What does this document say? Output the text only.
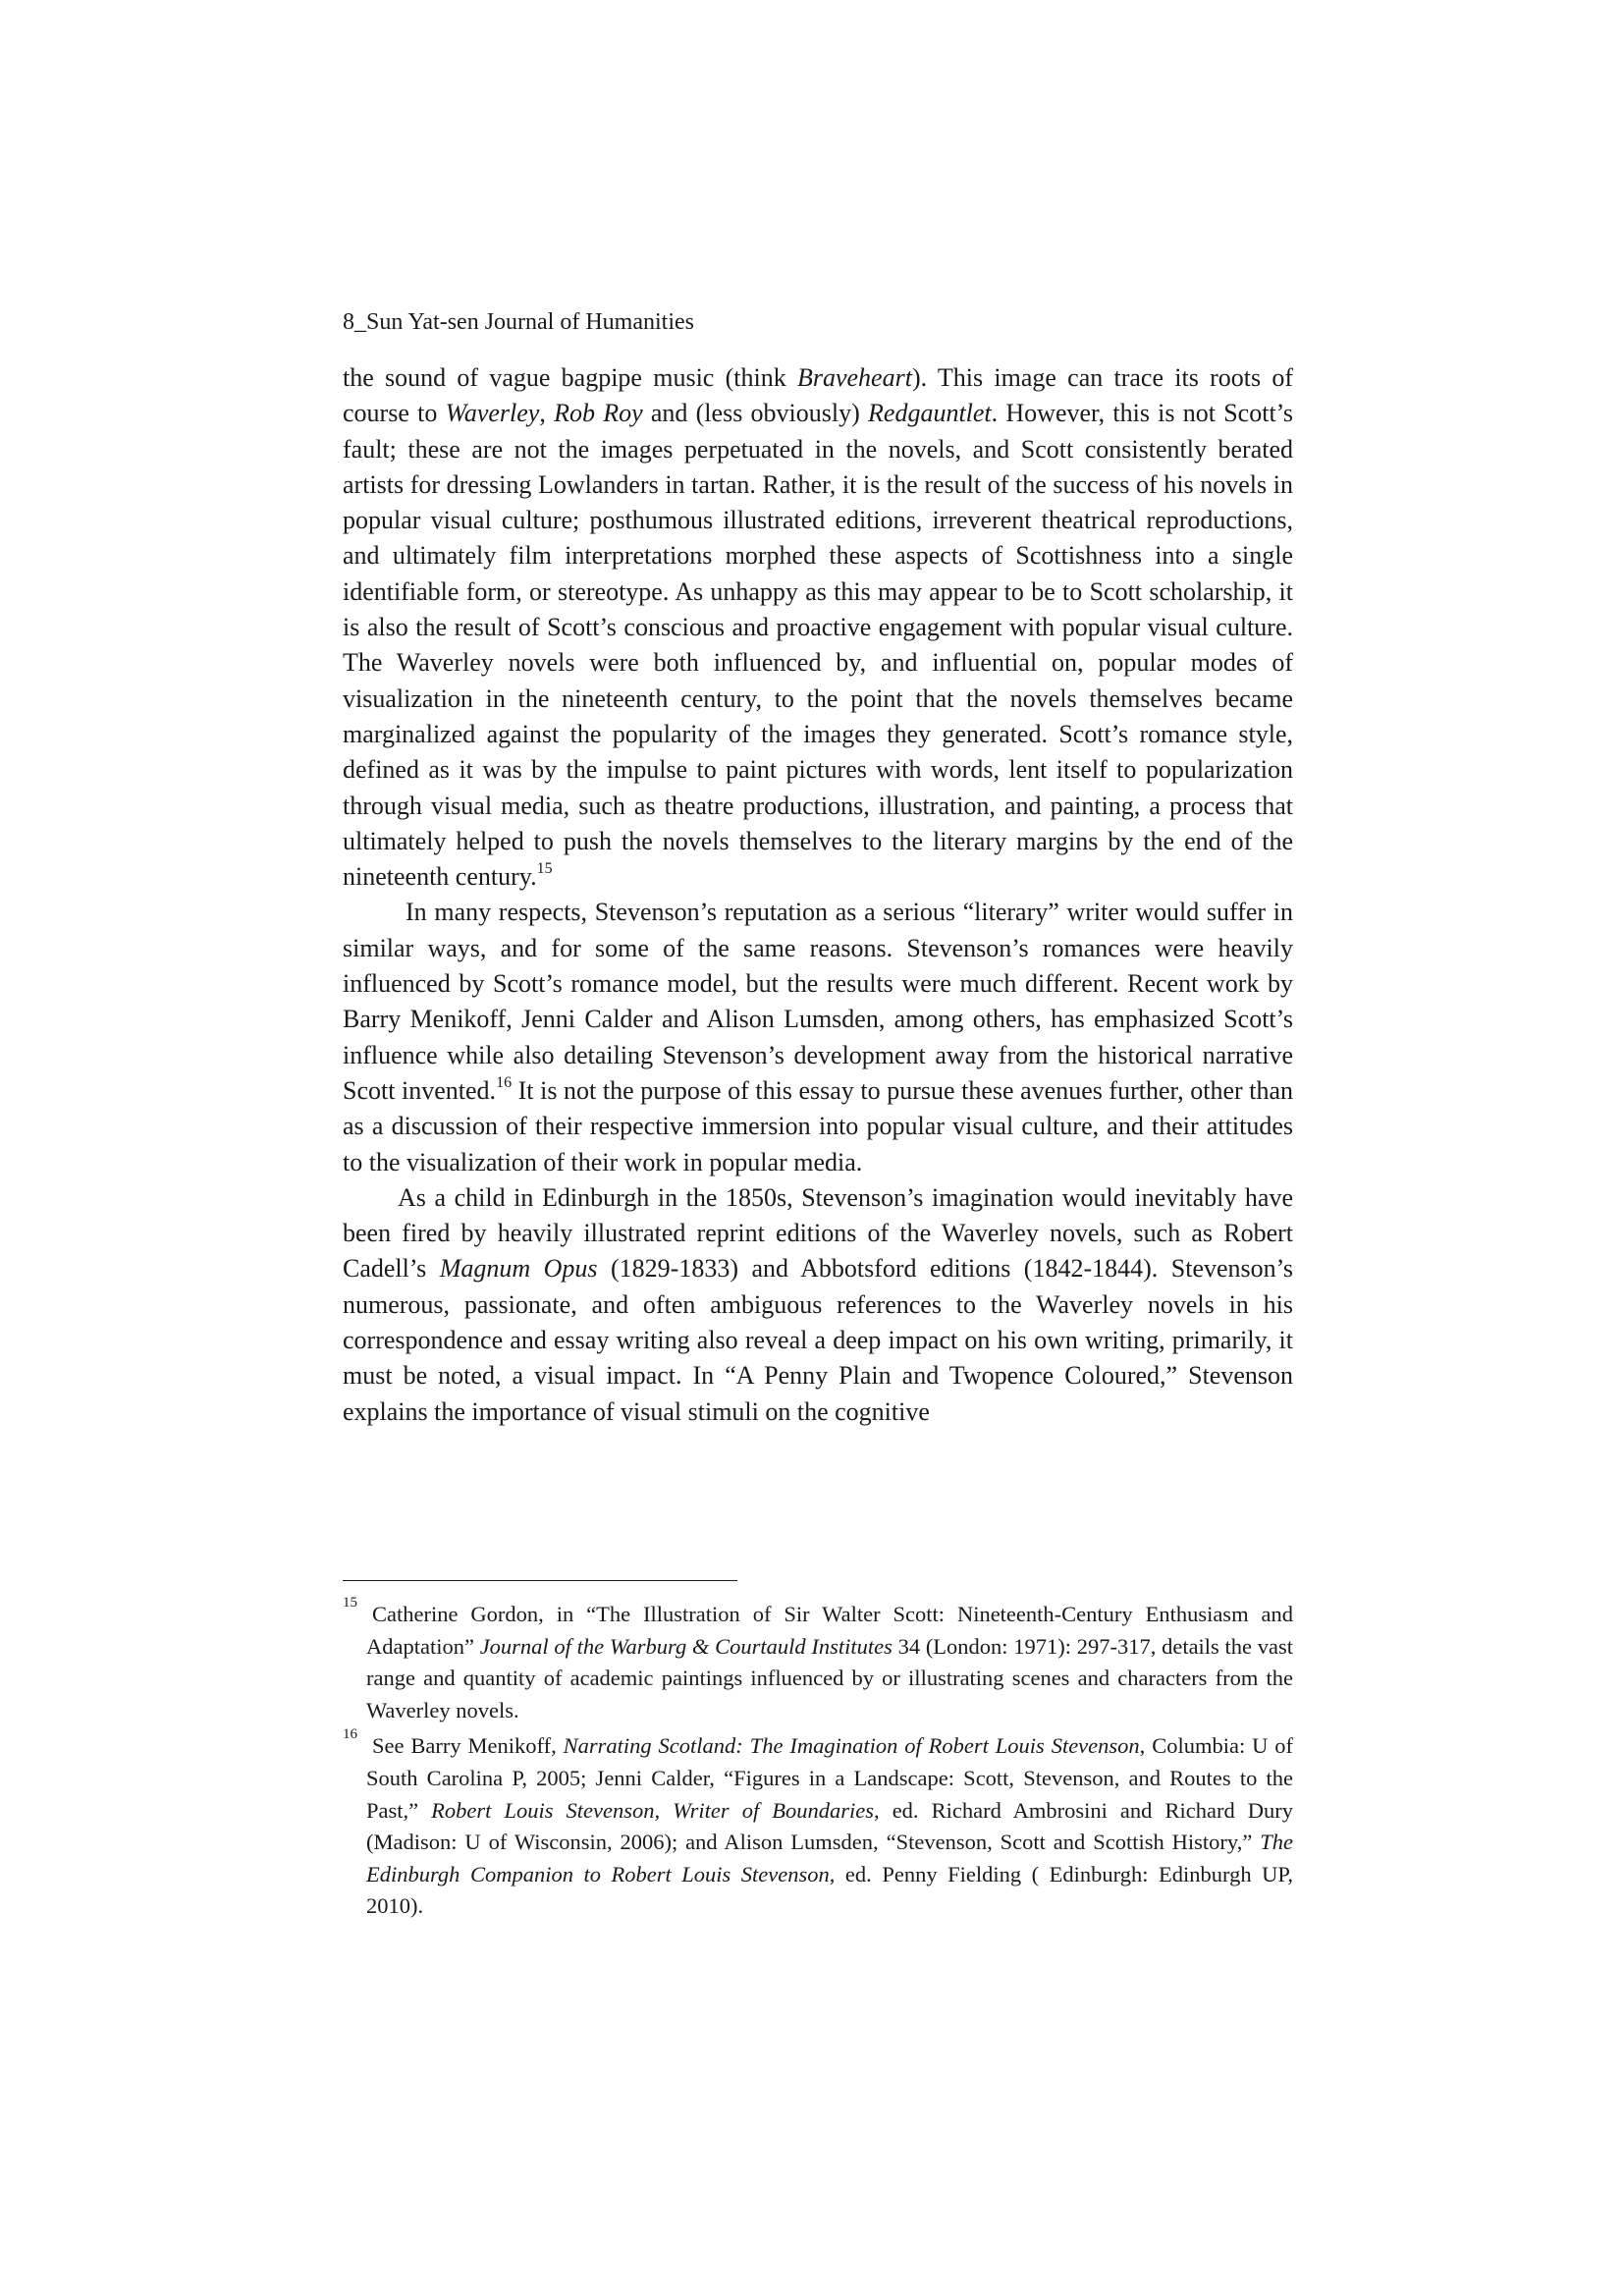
8_Sun Yat-sen Journal of Humanities

the sound of vague bagpipe music (think Braveheart). This image can trace its roots of course to Waverley, Rob Roy and (less obviously) Redgauntlet. However, this is not Scott’s fault; these are not the images perpetuated in the novels, and Scott consistently berated artists for dressing Lowlanders in tartan. Rather, it is the result of the success of his novels in popular visual culture; posthumous illustrated editions, irreverent theatrical reproductions, and ultimately film interpretations morphed these aspects of Scottishness into a single identifiable form, or stereotype. As unhappy as this may appear to be to Scott scholarship, it is also the result of Scott’s conscious and proactive engagement with popular visual culture. The Waverley novels were both influenced by, and influential on, popular modes of visualization in the nineteenth century, to the point that the novels themselves became marginalized against the popularity of the images they generated. Scott’s romance style, defined as it was by the impulse to paint pictures with words, lent itself to popularization through visual media, such as theatre productions, illustration, and painting, a process that ultimately helped to push the novels themselves to the literary margins by the end of the nineteenth century.$^{15}$

In many respects, Stevenson’s reputation as a serious “literary” writer would suffer in similar ways, and for some of the same reasons. Stevenson’s romances were heavily influenced by Scott’s romance model, but the results were much different. Recent work by Barry Menikoff, Jenni Calder and Alison Lumsden, among others, has emphasized Scott’s influence while also detailing Stevenson’s development away from the historical narrative Scott invented.$^{16}$ It is not the purpose of this essay to pursue these avenues further, other than as a discussion of their respective immersion into popular visual culture, and their attitudes to the visualization of their work in popular media.

As a child in Edinburgh in the 1850s, Stevenson’s imagination would inevitably have been fired by heavily illustrated reprint editions of the Waverley novels, such as Robert Cadell’s Magnum Opus (1829-1833) and Abbotsford editions (1842-1844). Stevenson’s numerous, passionate, and often ambiguous references to the Waverley novels in his correspondence and essay writing also reveal a deep impact on his own writing, primarily, it must be noted, a visual impact. In “A Penny Plain and Twopence Coloured,” Stevenson explains the importance of visual stimuli on the cognitive

15 Catherine Gordon, in “The Illustration of Sir Walter Scott: Nineteenth-Century Enthusiasm and Adaptation” Journal of the Warburg & Courtauld Institutes 34 (London: 1971): 297-317, details the vast range and quantity of academic paintings influenced by or illustrating scenes and characters from the Waverley novels.
16 See Barry Menikoff, Narrating Scotland: The Imagination of Robert Louis Stevenson, Columbia: U of South Carolina P, 2005; Jenni Calder, “Figures in a Landscape: Scott, Stevenson, and Routes to the Past,” Robert Louis Stevenson, Writer of Boundaries, ed. Richard Ambrosini and Richard Dury (Madison: U of Wisconsin, 2006); and Alison Lumsden, “Stevenson, Scott and Scottish History,” The Edinburgh Companion to Robert Louis Stevenson, ed. Penny Fielding ( Edinburgh: Edinburgh UP, 2010).
